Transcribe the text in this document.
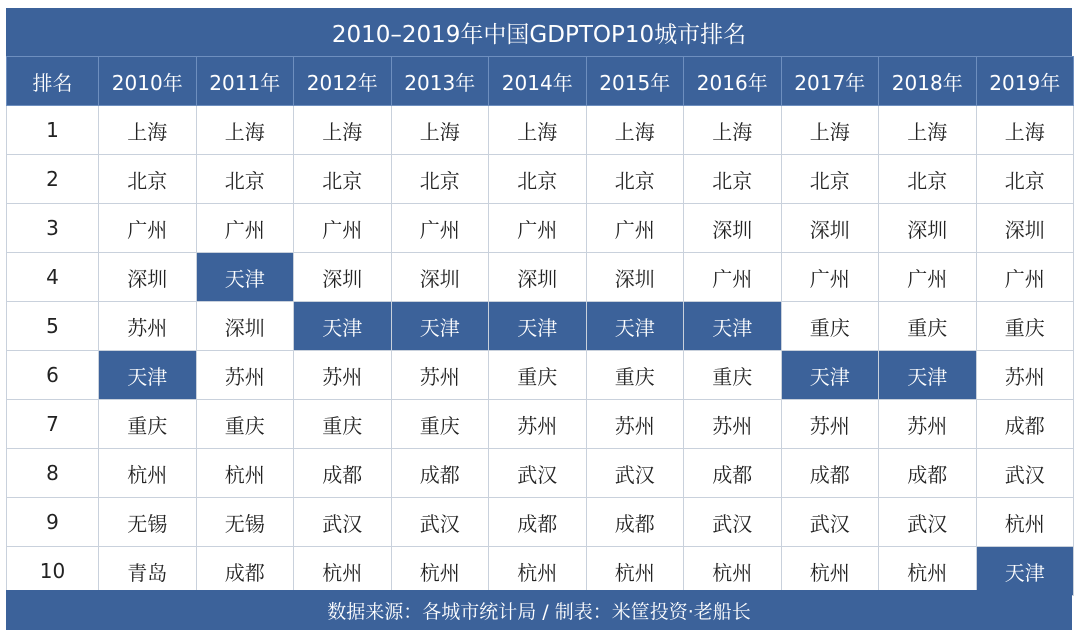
2010–2019年中国GDPTOP10城市排名
排名	2010年	2011年	2012年	2013年	2014年	2015年	2016年	2017年	2018年	2019年
1	上海	上海	上海	上海	上海	上海	上海	上海	上海	上海
2	北京	北京	北京	北京	北京	北京	北京	北京	北京	北京
3	广州	广州	广州	广州	广州	广州	深圳	深圳	深圳	深圳
4	深圳	天津	深圳	深圳	深圳	深圳	广州	广州	广州	广州
5	苏州	深圳	天津	天津	天津	天津	天津	重庆	重庆	重庆
6	天津	苏州	苏州	苏州	重庆	重庆	重庆	天津	天津	苏州
7	重庆	重庆	重庆	重庆	苏州	苏州	苏州	苏州	苏州	成都
8	杭州	杭州	成都	成都	武汉	武汉	成都	成都	成都	武汉
9	无锡	无锡	武汉	武汉	成都	成都	武汉	武汉	武汉	杭州
10	青岛	成都	杭州	杭州	杭州	杭州	杭州	杭州	杭州	天津
数据来源：各城市统计局 / 制表：米筐投资·老船长
